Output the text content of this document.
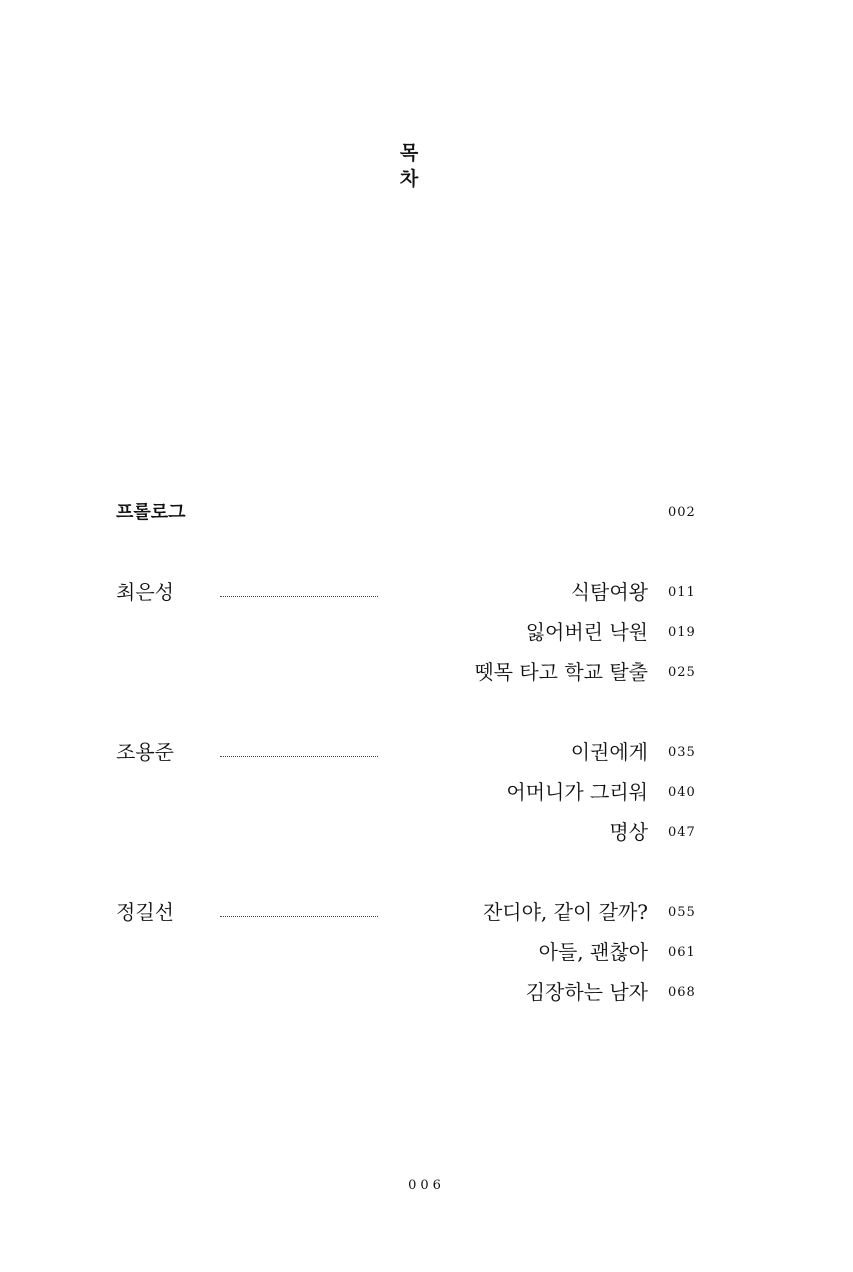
목
차
프롤로그	002
최은성	식탐여왕 011
잃어버린 낙원 019
뗏목 타고 학교 탈출 025
조용준	이권에게 035
어머니가 그리워 040
명상 047
정길선	잔디야, 같이 갈까? 055
아들, 괜찮아 061
김장하는 남자 068
006
